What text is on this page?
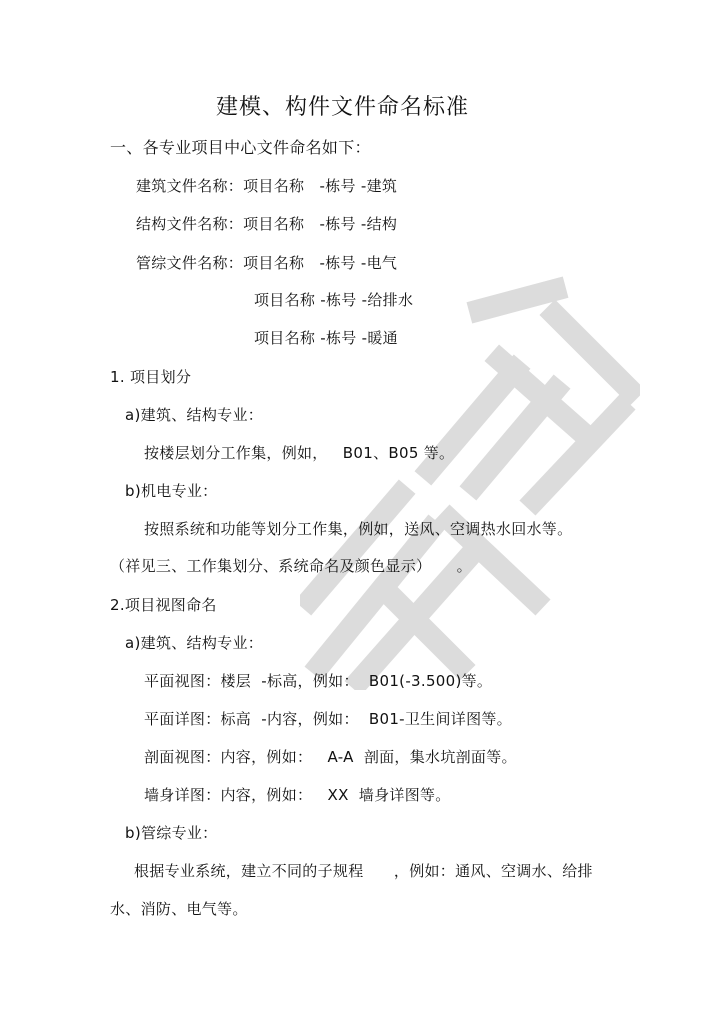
建模、构件文件命名标准
一、各专业项目中心文件命名如下：
建筑文件名称：项目名称   -栋号 -建筑
结构文件名称：项目名称   -栋号 -结构
管综文件名称：项目名称   -栋号 -电气
项目名称 -栋号 -给排水
项目名称 -栋号 -暖通
1. 项目划分
a)建筑、结构专业：
按楼层划分工作集，例如，   B01、B05 等。
b)机电专业：
按照系统和功能等划分工作集，例如，送风、空调热水回水等。
（祥见三、工作集划分、系统命名及颜色显示）     。
2.项目视图命名
a)建筑、结构专业：
平面视图：楼层  -标高，例如：  B01(-3.500)等。
平面详图：标高  -内容，例如：  B01-卫生间详图等。
剖面视图：内容，例如：   A-A  剖面，集水坑剖面等。
墙身详图：内容，例如：   XX  墙身详图等。
b)管综专业：
根据专业系统，建立不同的子规程      ，例如：通风、空调水、给排
水、消防、电气等。
